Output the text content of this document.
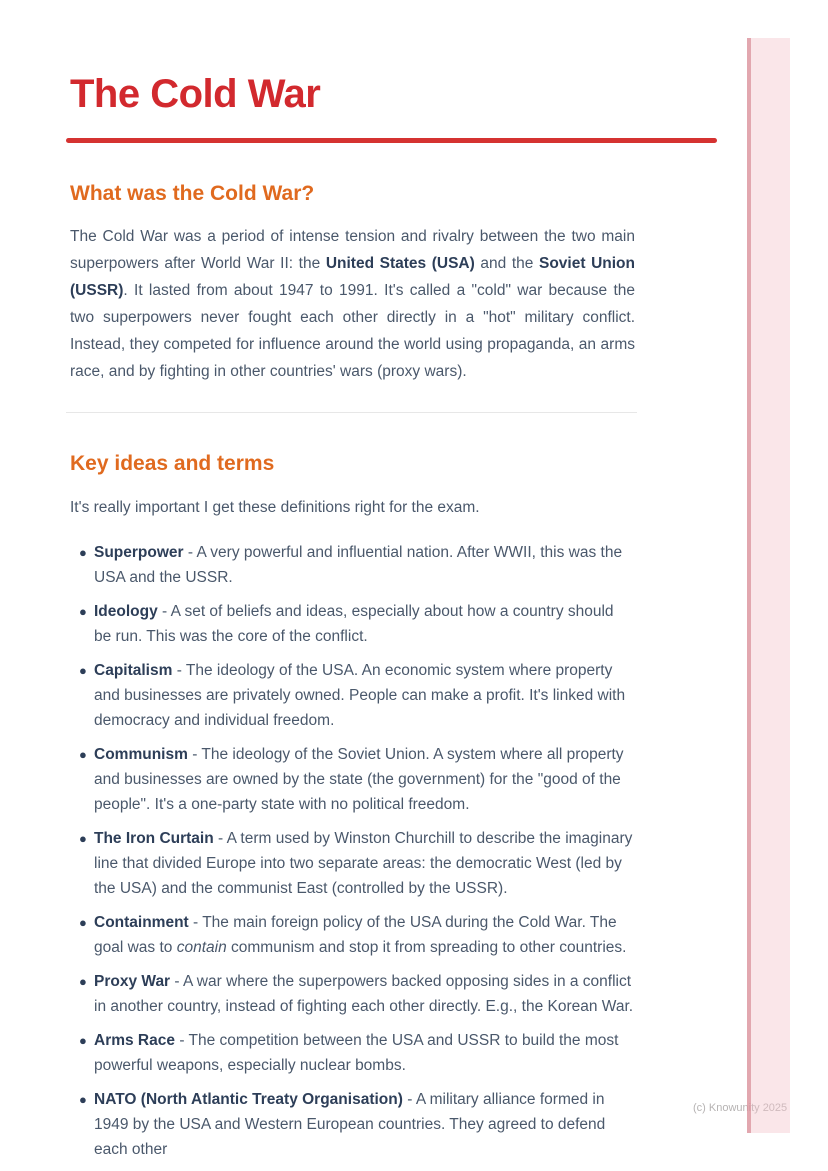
(c) Knowunity 2025
The Cold War
What was the Cold War?

The Cold War was a period of intense tension and rivalry between the two main superpowers after World War II: the United States (USA) and the Soviet Union (USSR). It lasted from about 1947 to 1991. It's called a "cold" war because the two superpowers never fought each other directly in a "hot" military conflict. Instead, they competed for influence around the world using propaganda, an arms race, and by fighting in other countries' wars (proxy wars).

Key ideas and terms

It's really important I get these definitions right for the exam.

● Superpower - A very powerful and influential nation. After WWII, this was the USA and the USSR.
● Ideology - A set of beliefs and ideas, especially about how a country should be run. This was the core of the conflict.
● Capitalism - The ideology of the USA. An economic system where property and businesses are privately owned. People can make a profit. It's linked with democracy and individual freedom.
● Communism - The ideology of the Soviet Union. A system where all property and businesses are owned by the state (the government) for the "good of the people". It's a one-party state with no political freedom.
● The Iron Curtain - A term used by Winston Churchill to describe the imaginary line that divided Europe into two separate areas: the democratic West (led by the USA) and the communist East (controlled by the USSR).
● Containment - The main foreign policy of the USA during the Cold War. The goal was to contain communism and stop it from spreading to other countries.
● Proxy War - A war where the superpowers backed opposing sides in a conflict in another country, instead of fighting each other directly. E.g., the Korean War.
● Arms Race - The competition between the USA and USSR to build the most powerful weapons, especially nuclear bombs.
● NATO (North Atlantic Treaty Organisation) - A military alliance formed in 1949 by the USA and Western European countries. They agreed to defend each other
